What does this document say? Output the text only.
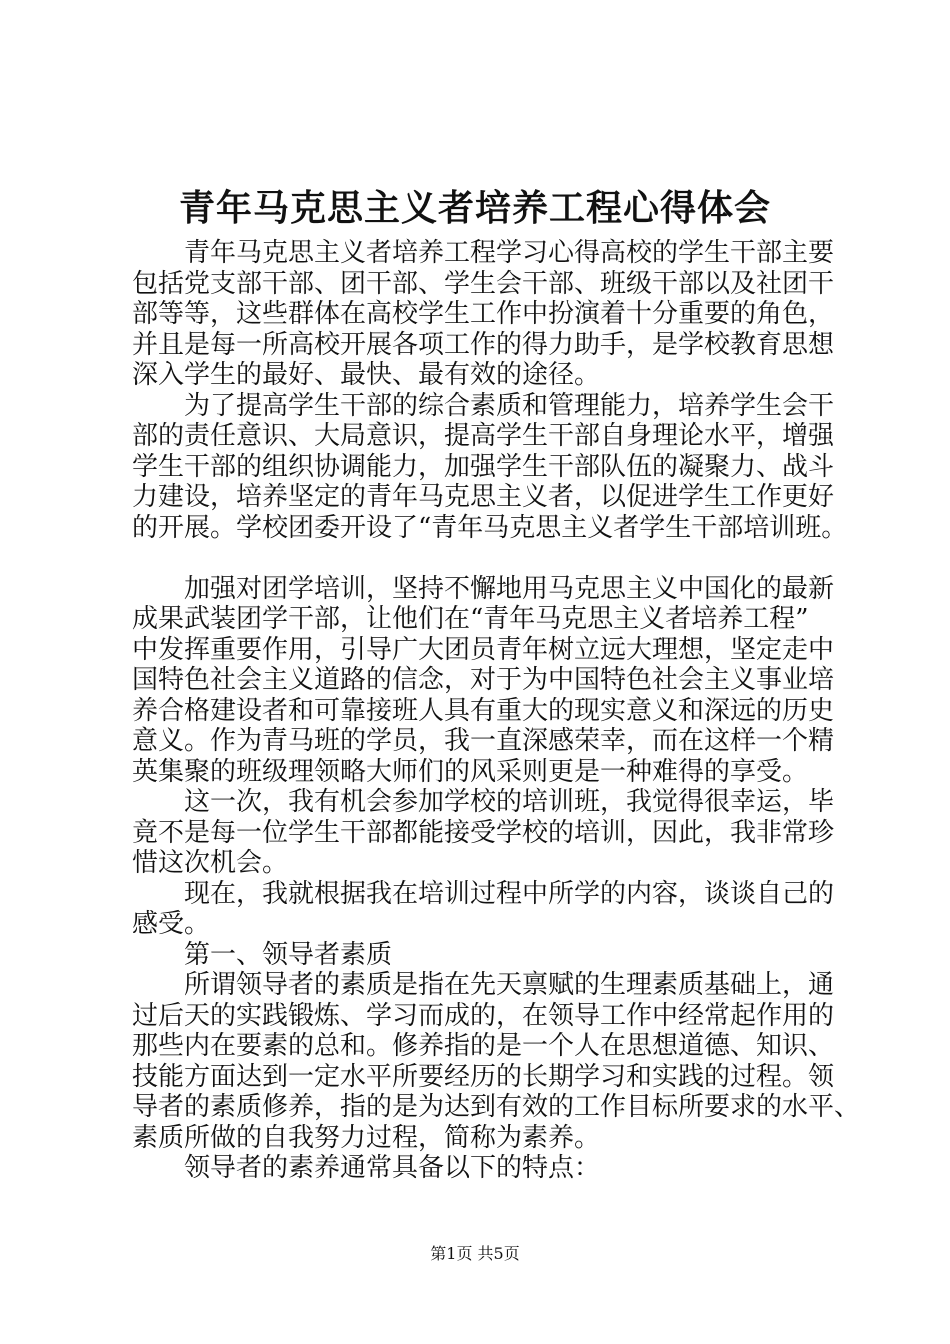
青年马克思主义者培养工程心得体会
青年马克思主义者培养工程学习心得高校的学生干部主要
包括党支部干部、团干部、学生会干部、班级干部以及社团干
部等等，这些群体在高校学生工作中扮演着十分重要的角色，
并且是每一所高校开展各项工作的得力助手，是学校教育思想
深入学生的最好、最快、最有效的途径。
为了提高学生干部的综合素质和管理能力，培养学生会干
部的责任意识、大局意识，提高学生干部自身理论水平，增强
学生干部的组织协调能力，加强学生干部队伍的凝聚力、战斗
力建设，培养坚定的青年马克思主义者，以促进学生工作更好
的开展。学校团委开设了“青年马克思主义者学生干部培训班。
加强对团学培训，坚持不懈地用马克思主义中国化的最新
成果武装团学干部，让他们在“青年马克思主义者培养工程”
中发挥重要作用，引导广大团员青年树立远大理想，坚定走中
国特色社会主义道路的信念，对于为中国特色社会主义事业培
养合格建设者和可靠接班人具有重大的现实意义和深远的历史
意义。作为青马班的学员，我一直深感荣幸，而在这样一个精
英集聚的班级理领略大师们的风采则更是一种难得的享受。
这一次，我有机会参加学校的培训班，我觉得很幸运，毕
竟不是每一位学生干部都能接受学校的培训，因此，我非常珍
惜这次机会。
现在，我就根据我在培训过程中所学的内容，谈谈自己的
感受。
第一、领导者素质
所谓领导者的素质是指在先天禀赋的生理素质基础上，通
过后天的实践锻炼、学习而成的，在领导工作中经常起作用的
那些内在要素的总和。修养指的是一个人在思想道德、知识、
技能方面达到一定水平所要经历的长期学习和实践的过程。领
导者的素质修养，指的是为达到有效的工作目标所要求的水平、
素质所做的自我努力过程，简称为素养。
领导者的素养通常具备以下的特点：
第1页 共5页
